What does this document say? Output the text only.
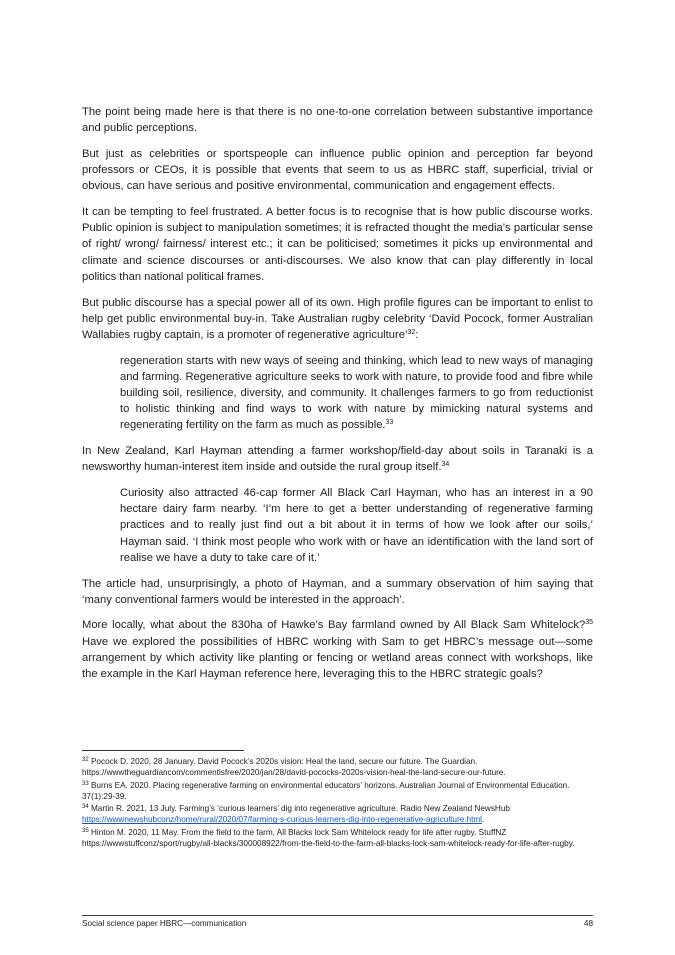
The point being made here is that there is no one-to-one correlation between substantive importance and public perceptions.

But just as celebrities or sportspeople can influence public opinion and perception far beyond professors or CEOs, it is possible that events that seem to us as HBRC staff, superficial, trivial or obvious, can have serious and positive environmental, communication and engagement effects.

It can be tempting to feel frustrated. A better focus is to recognise that is how public discourse works. Public opinion is subject to manipulation sometimes; it is refracted thought the media’s particular sense of right/ wrong/ fairness/ interest etc.; it can be politicised; sometimes it picks up environmental and climate and science discourses or anti-discourses. We also know that can play differently in local politics than national political frames.

But public discourse has a special power all of its own. High profile figures can be important to enlist to help get public environmental buy-in. Take Australian rugby celebrity ‘David Pocock, former Australian Wallabies rugby captain, is a promoter of regenerative agriculture’$^{32}$:

regeneration starts with new ways of seeing and thinking, which lead to new ways of managing and farming. Regenerative agriculture seeks to work with nature, to provide food and fibre while building soil, resilience, diversity, and community. It challenges farmers to go from reductionist to holistic thinking and find ways to work with nature by mimicking natural systems and regenerating fertility on the farm as much as possible.$^{33}$

In New Zealand, Karl Hayman attending a farmer workshop/field-day about soils in Taranaki is a newsworthy human-interest item inside and outside the rural group itself.$^{34}$

Curiosity also attracted 46-cap former All Black Carl Hayman, who has an interest in a 90 hectare dairy farm nearby. ‘I’m here to get a better understanding of regenerative farming practices and to really just find out a bit about it in terms of how we look after our soils,’ Hayman said. ‘I think most people who work with or have an identification with the land sort of realise we have a duty to take care of it.’

The article had, unsurprisingly, a photo of Hayman, and a summary observation of him saying that ‘many conventional farmers would be interested in the approach’.

More locally, what about the 830ha of Hawke’s Bay farmland owned by All Black Sam Whitelock?$^{35}$ Have we explored the possibilities of HBRC working with Sam to get HBRC’s message out—some arrangement by which activity like planting or fencing or wetland areas connect with workshops, like the example in the Karl Hayman reference here, leveraging this to the HBRC strategic goals?

$^{32}$ Pocock D. 2020, 28 January. David Pocock’s 2020s vision: Heal the land, secure our future. The Guardian. https://wwwtheguardiancom/commentisfree/2020/jan/28/david-pococks-2020s-vision-heal-the-land-secure-our-future.
$^{33}$ Burns EA. 2020. Placing regenerative farming on environmental educators’ horizons. Australian Journal of Environmental Education. 37(1):29-39.
$^{34}$ Martin R. 2021, 13 July. Farming’s ‘curious learners’ dig into regenerative agriculture. Radio New Zealand NewsHub https://wwwnewshubconz/home/rural/2020/07/farming-s-curious-learners-dig-into-regenerative-agriculture.html.
$^{35}$ Hinton M. 2020, 11 May. From the field to the farm, All Blacks lock Sam Whitelock ready for life after rugby. StuffNZ https://wwwstuffconz/sport/rugby/all-blacks/300008922/from-the-field-to-the-farm-all-blacks-lock-sam-whitelock-ready-for-life-after-rugby.
Social science paper HBRC—communication	48
